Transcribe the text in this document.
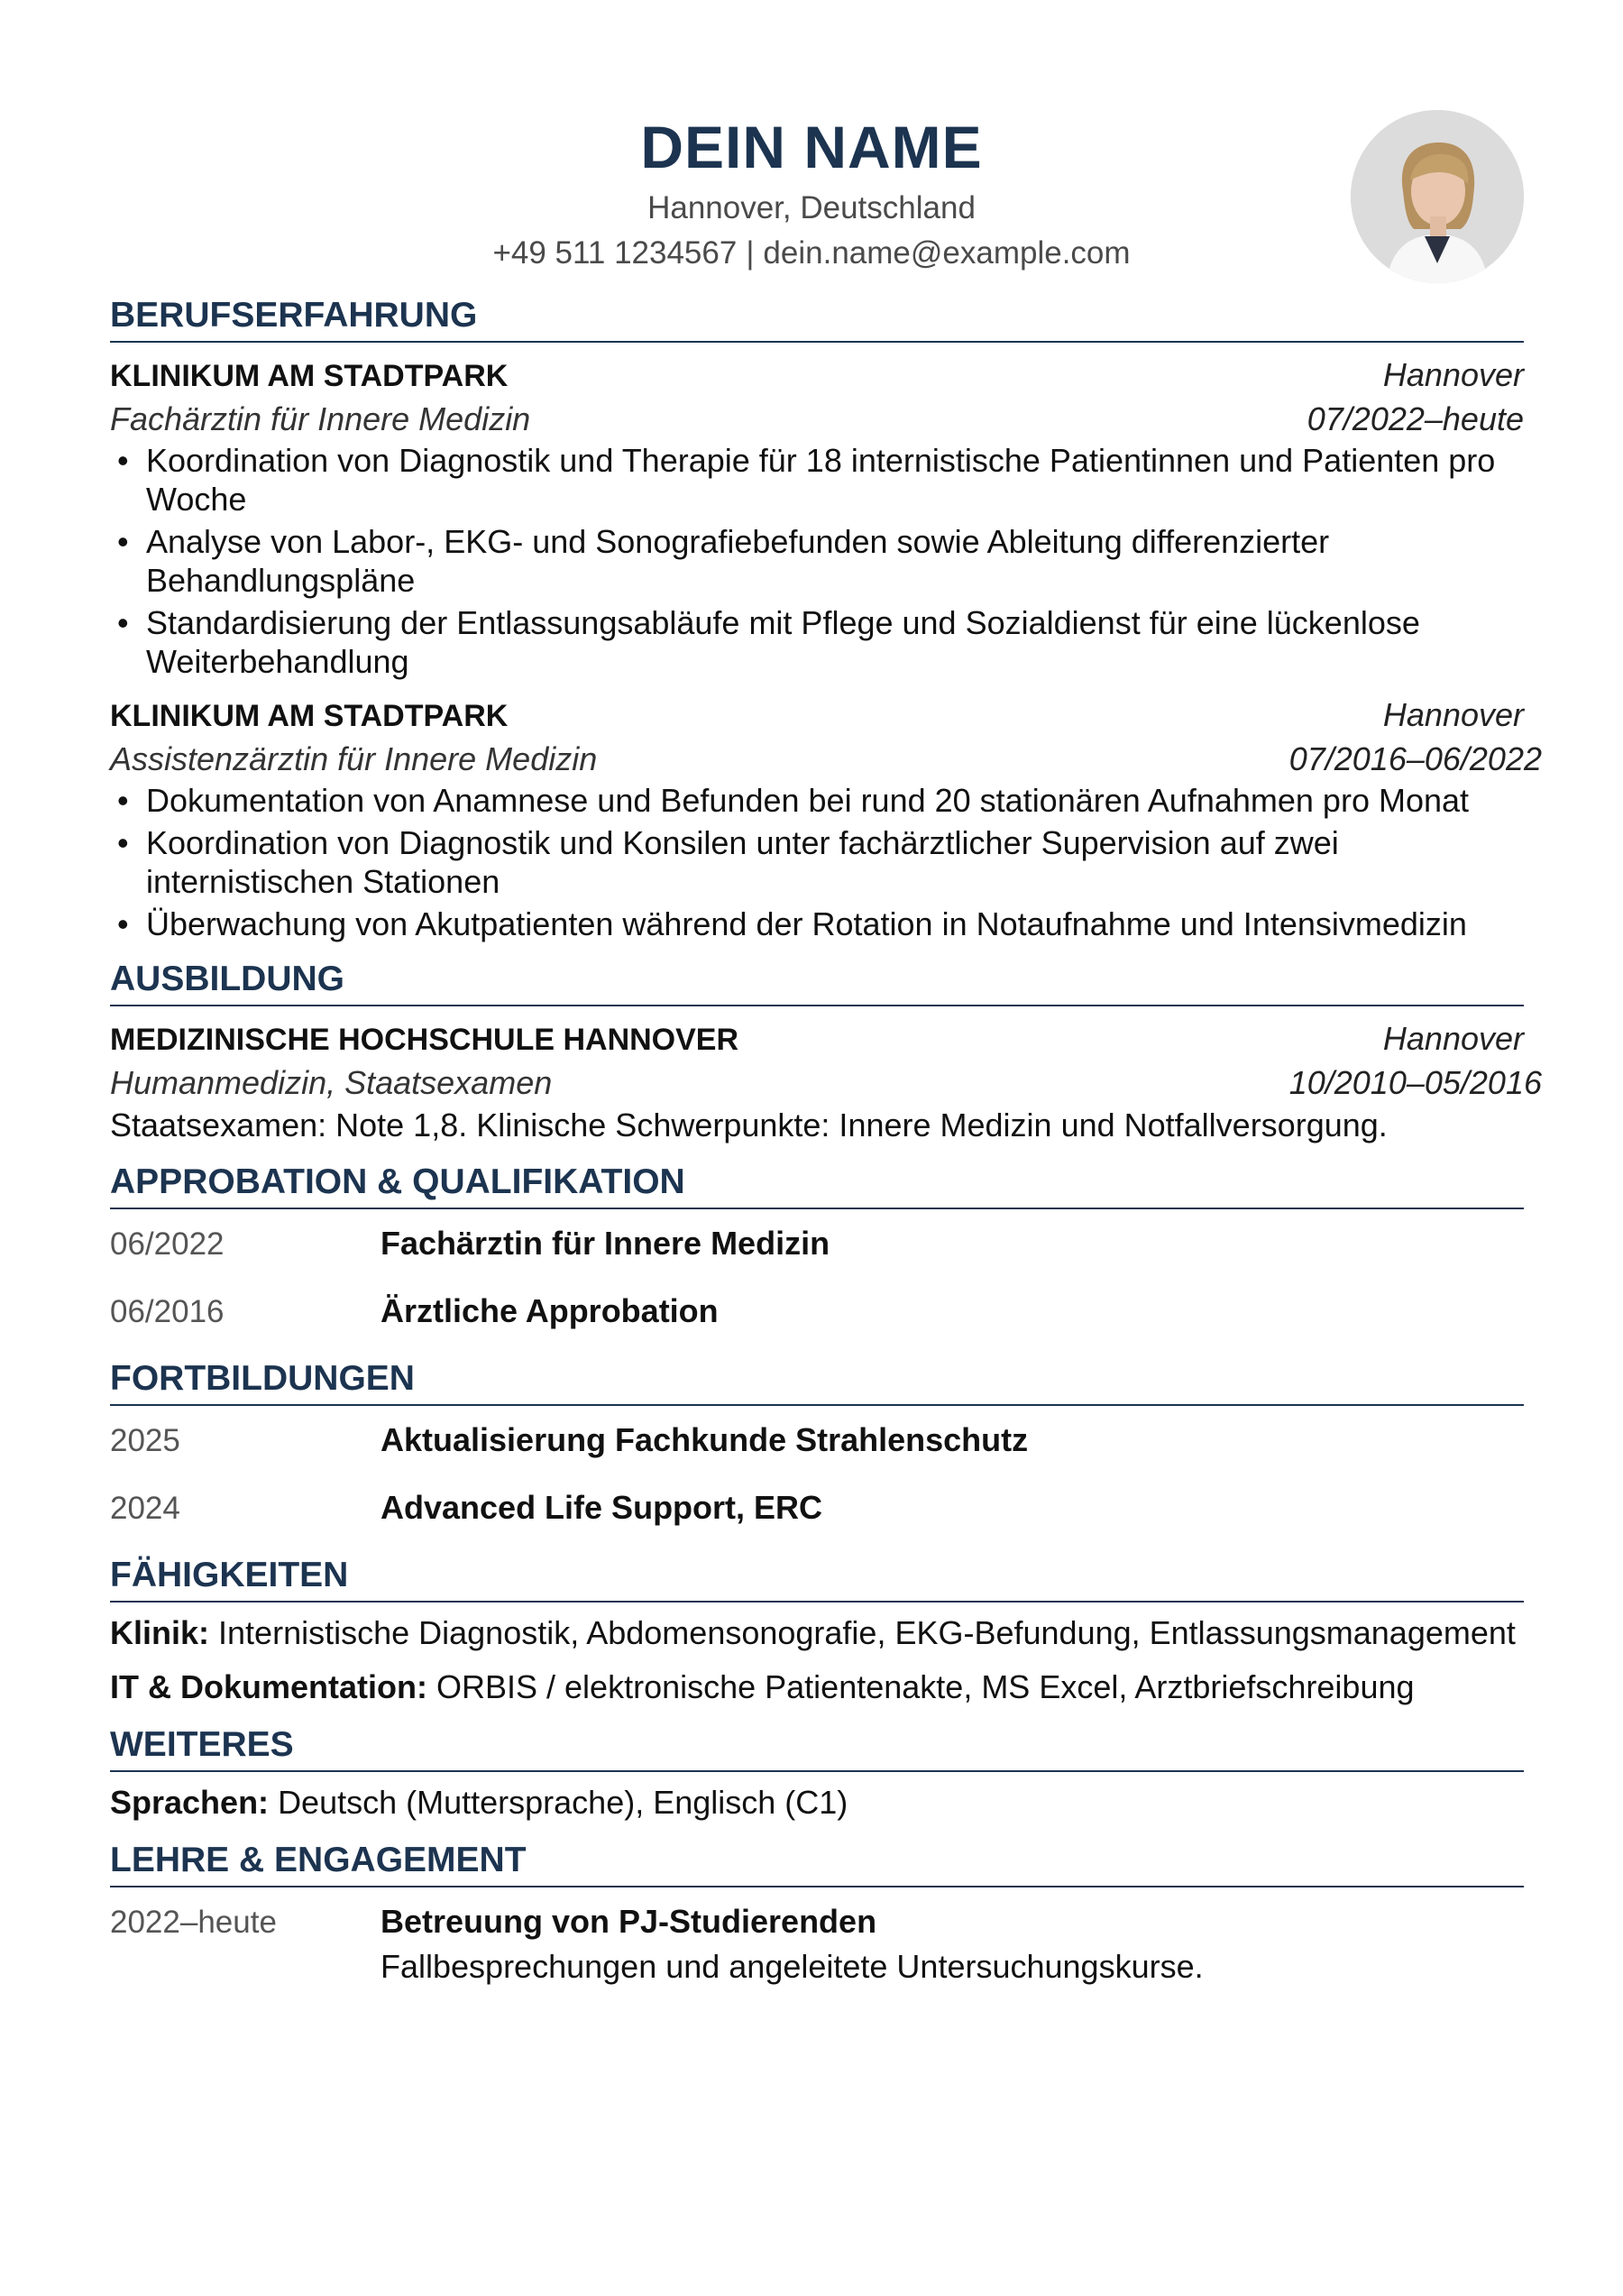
DEIN NAME
Hannover, Deutschland
+49 511 1234567 | dein.name@example.com
BERUFSERFAHRUNG
KLINIKUM AM STADTPARK	Hannover
Fachärztin für Innere Medizin	07/2022–heute
• Koordination von Diagnostik und Therapie für 18 internistische Patientinnen und Patienten pro Woche
• Analyse von Labor-, EKG- und Sonografiebefunden sowie Ableitung differenzierter Behandlungspläne
• Standardisierung der Entlassungsabläufe mit Pflege und Sozialdienst für eine lückenlose Weiterbehandlung
KLINIKUM AM STADTPARK	Hannover
Assistenzärztin für Innere Medizin	07/2016–06/2022
• Dokumentation von Anamnese und Befunden bei rund 20 stationären Aufnahmen pro Monat
• Koordination von Diagnostik und Konsilen unter fachärztlicher Supervision auf zwei internistischen Stationen
• Überwachung von Akutpatienten während der Rotation in Notaufnahme und Intensivmedizin
AUSBILDUNG
MEDIZINISCHE HOCHSCHULE HANNOVER	Hannover
Humanmedizin, Staatsexamen	10/2010–05/2016
Staatsexamen: Note 1,8. Klinische Schwerpunkte: Innere Medizin und Notfallversorgung.
APPROBATION & QUALIFIKATION
06/2022	Fachärztin für Innere Medizin
06/2016	Ärztliche Approbation
FORTBILDUNGEN
2025	Aktualisierung Fachkunde Strahlenschutz
2024	Advanced Life Support, ERC
FÄHIGKEITEN
Klinik: Internistische Diagnostik, Abdomensonografie, EKG-Befundung, Entlassungsmanagement
IT & Dokumentation: ORBIS / elektronische Patientenakte, MS Excel, Arztbriefschreibung
WEITERES
Sprachen: Deutsch (Muttersprache), Englisch (C1)
LEHRE & ENGAGEMENT
2022–heute	Betreuung von PJ-Studierenden
Fallbesprechungen und angeleitete Untersuchungskurse.
